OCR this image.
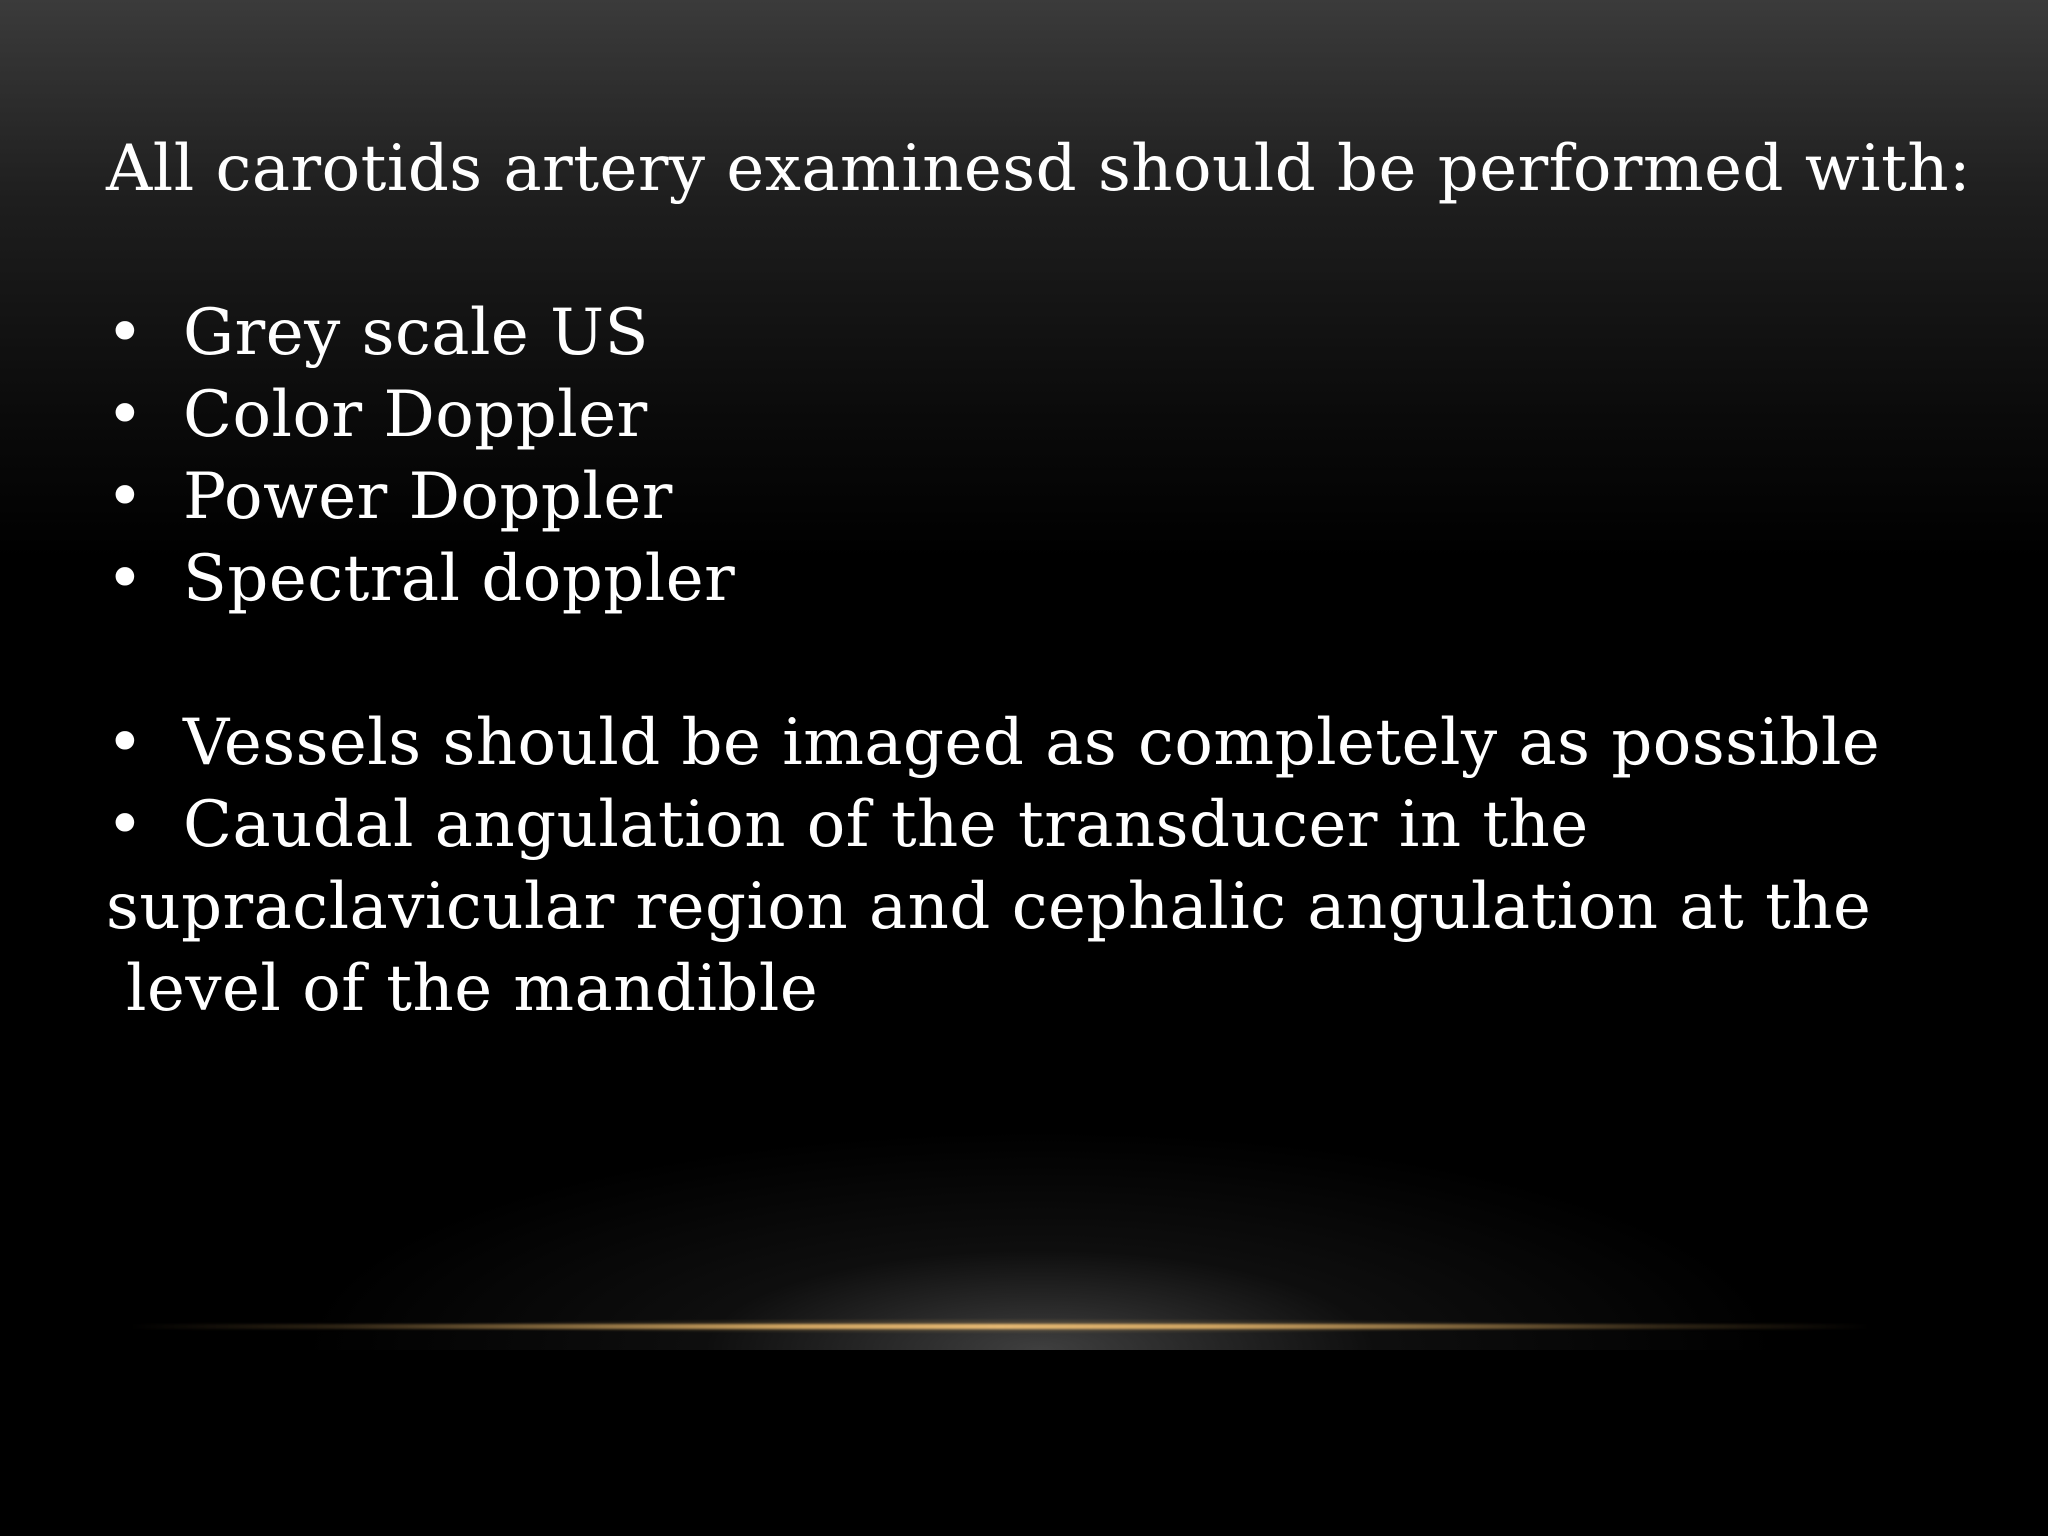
All carotids artery examinesd should be performed with:
• Grey scale US
• Color Doppler
• Power Doppler
• Spectral doppler
• Vessels should be imaged as completely as possible
• Caudal angulation of the transducer in the supraclavicular region and cephalic angulation at the
level of the mandible
